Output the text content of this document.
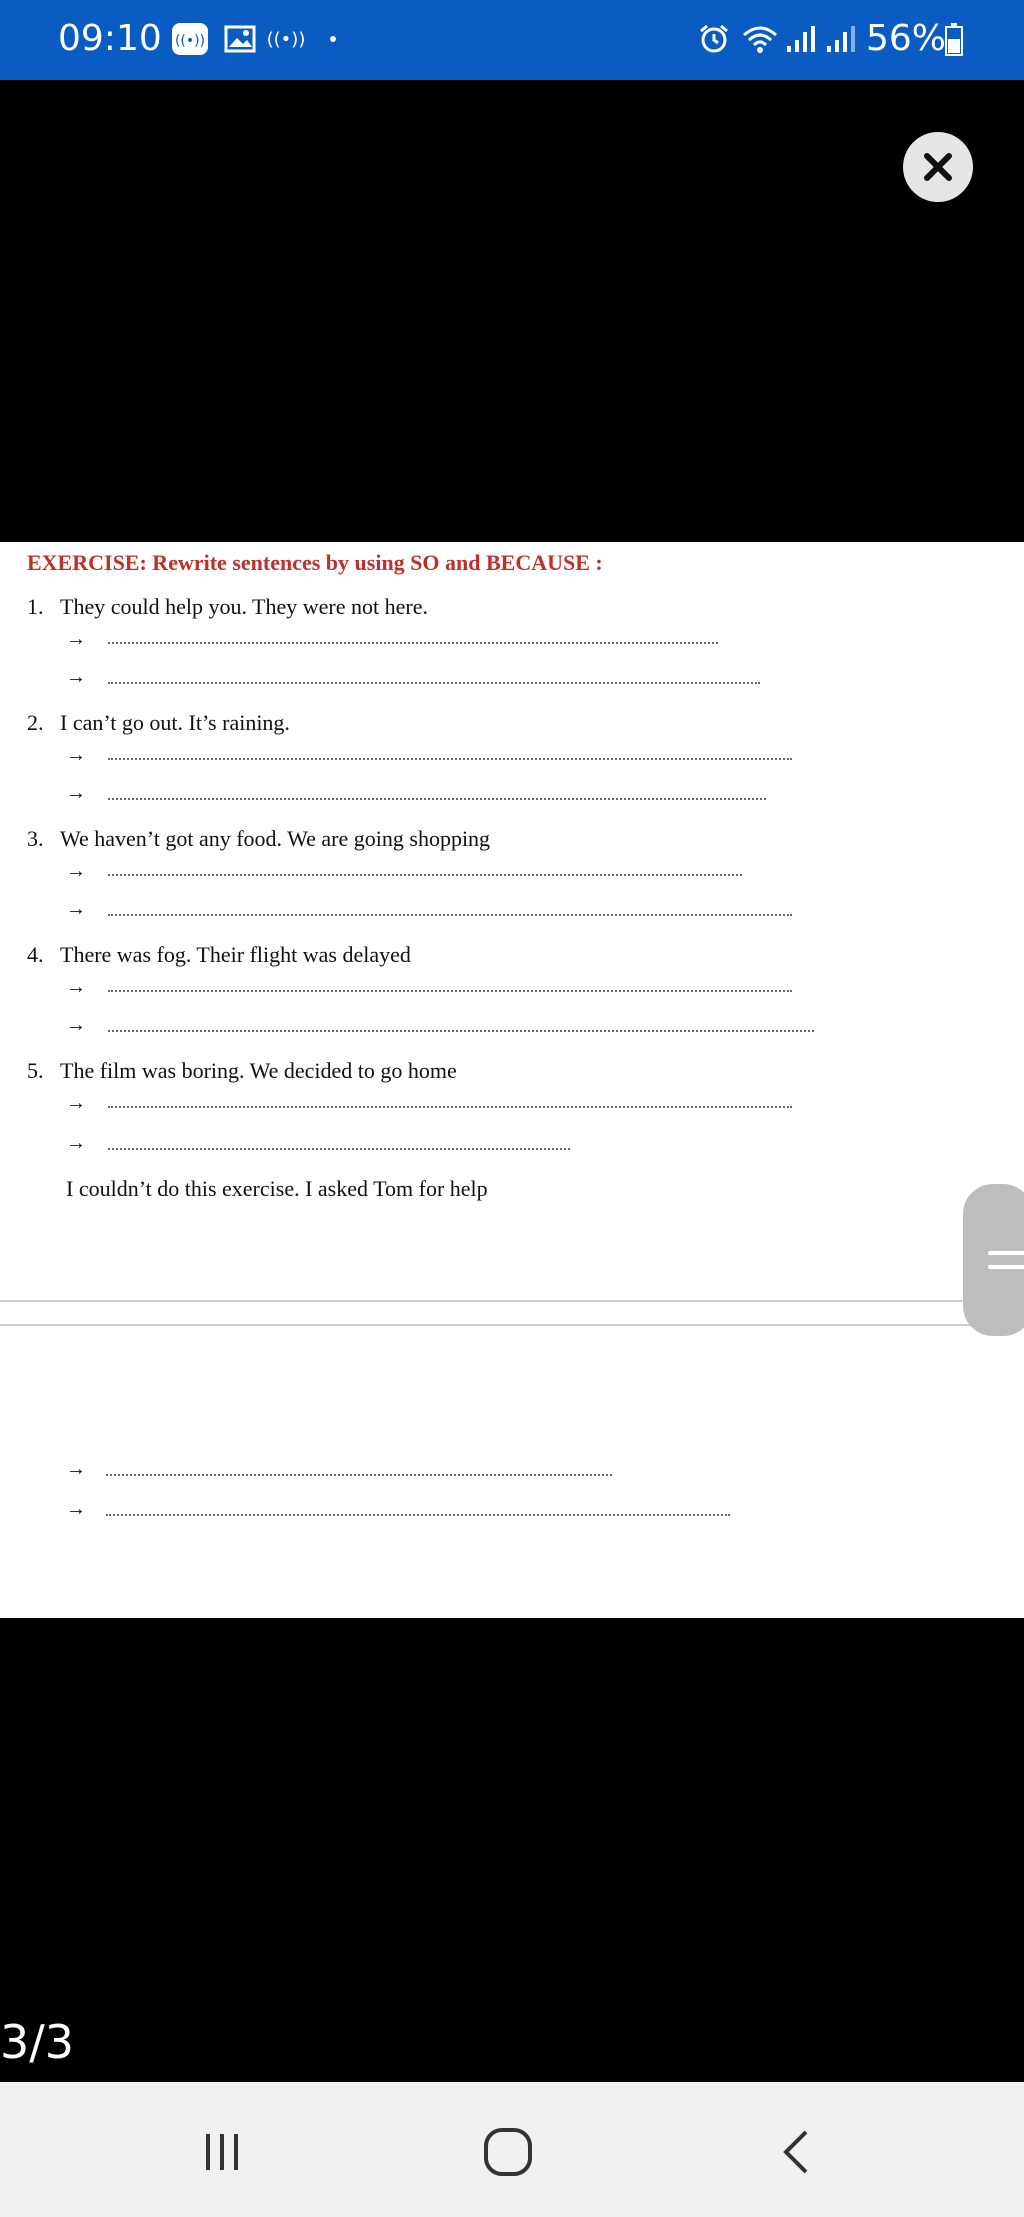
09:10 ((•))	((•))	56%
EXERCISE: Rewrite sentences by using SO and BECAUSE :
1. They could help you. They were not here.
→
→
2. I can’t go out. It’s raining.
→
→
3. We haven’t got any food. We are going shopping
→
→
4. There was fog. Their flight was delayed
→
→
5. The film was boring. We decided to go home
→
→
I couldn’t do this exercise. I asked Tom for help
→
→
3/3
